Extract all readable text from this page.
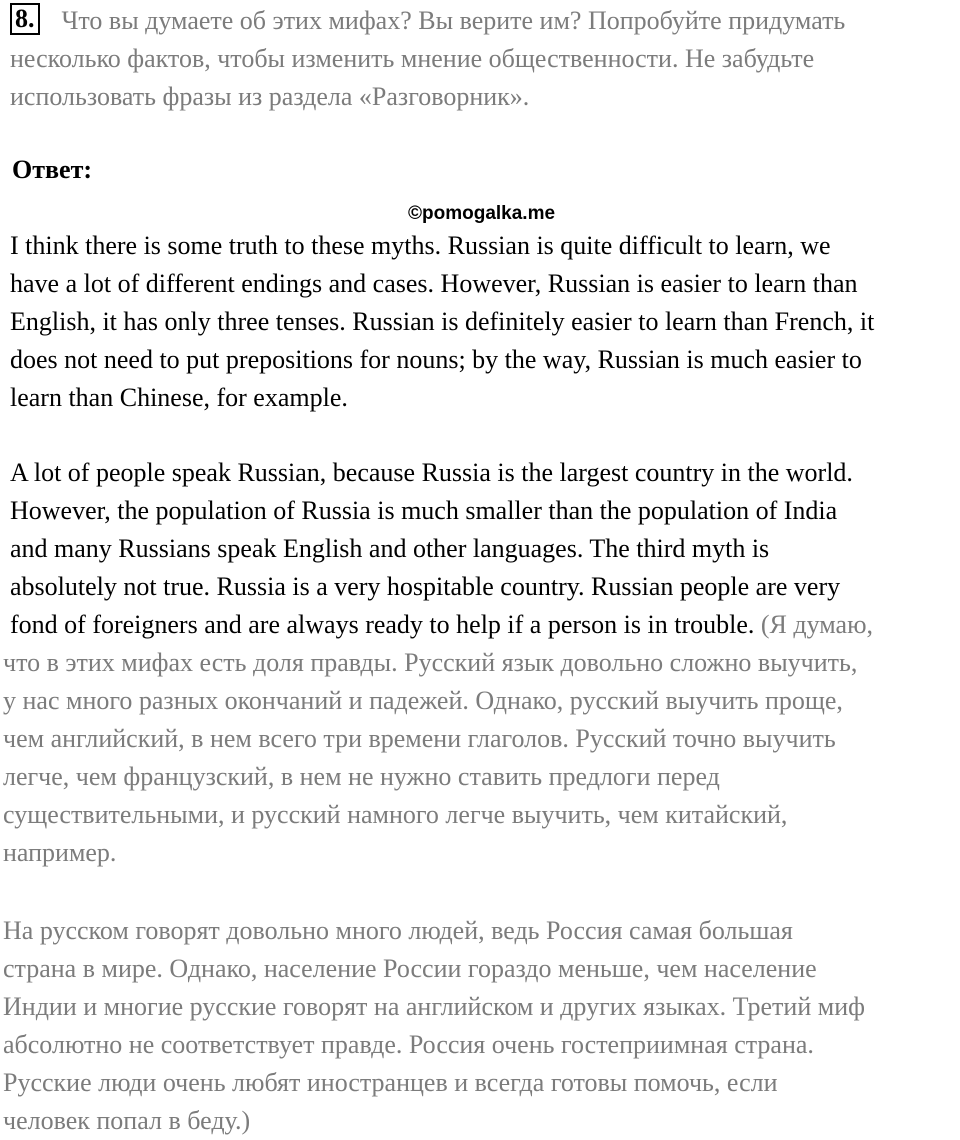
8. Что вы думаете об этих мифах? Вы верите им? Попробуйте придумать
несколько фактов, чтобы изменить мнение общественности. Не забудьте
использовать фразы из раздела «Разговорник».
Ответ:
©pomogalka.me
I think there is some truth to these myths. Russian is quite difficult to learn, we
have a lot of different endings and cases. However, Russian is easier to learn than
English, it has only three tenses. Russian is definitely easier to learn than French, it
does not need to put prepositions for nouns; by the way, Russian is much easier to
learn than Chinese, for example.
A lot of people speak Russian, because Russia is the largest country in the world.
However, the population of Russia is much smaller than the population of India
and many Russians speak English and other languages. The third myth is
absolutely not true. Russia is a very hospitable country. Russian people are very
fond of foreigners and are always ready to help if a person is in trouble. (Я думаю,
что в этих мифах есть доля правды. Русский язык довольно сложно выучить,
у нас много разных окончаний и падежей. Однако, русский выучить проще,
чем английский, в нем всего три времени глаголов. Русский точно выучить
легче, чем французский, в нем не нужно ставить предлоги перед
существительными, и русский намного легче выучить, чем китайский,
например.
На русском говорят довольно много людей, ведь Россия самая большая
страна в мире. Однако, население России гораздо меньше, чем население
Индии и многие русские говорят на английском и других языках. Третий миф
абсолютно не соответствует правде. Россия очень гостеприимная страна.
Русские люди очень любят иностранцев и всегда готовы помочь, если
человек попал в беду.)
